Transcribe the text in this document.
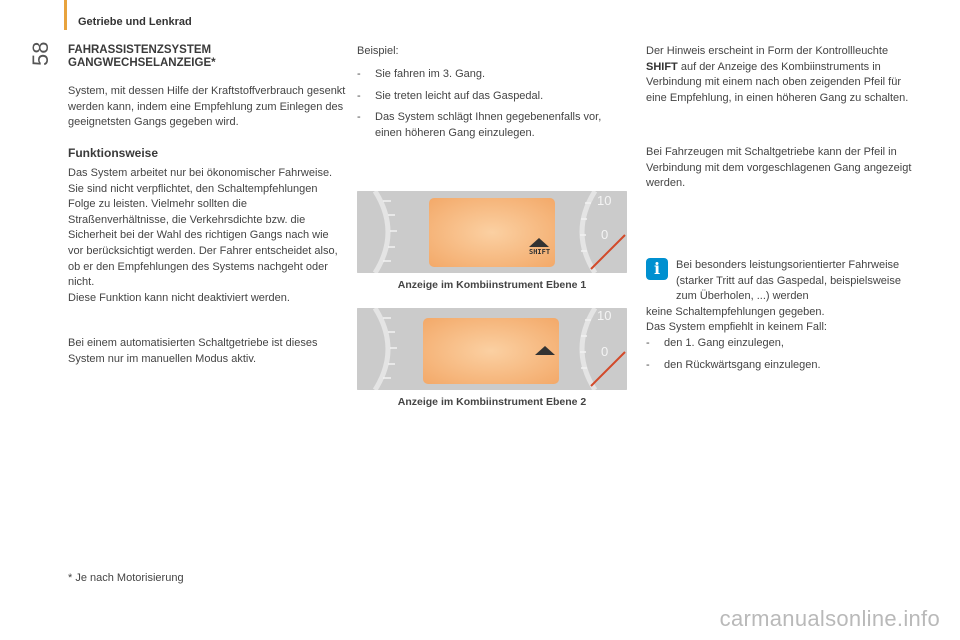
Getriebe und Lenkrad
58 FAHRASSISTENZSYSTEM GANGWECHSELANZEIGE*
System, mit dessen Hilfe der Kraftstoffverbrauch gesenkt werden kann, indem eine Empfehlung zum Einlegen des geeignetsten Gangs gegeben wird.
Funktionsweise
Das System arbeitet nur bei ökonomischer Fahrweise.
Sie sind nicht verpflichtet, den Schaltempfehlungen Folge zu leisten. Vielmehr sollten die Straßenverhältnisse, die Verkehrsdichte bzw. die Sicherheit bei der Wahl des richtigen Gangs nach wie vor berücksichtigt werden. Der Fahrer entscheidet also, ob er den Empfehlungen des Systems nachgeht oder nicht.
Diese Funktion kann nicht deaktiviert werden.
Bei einem automatisierten Schaltgetriebe ist dieses System nur im manuellen Modus aktiv.
* Je nach Motorisierung
Beispiel:
- Sie fahren im 3. Gang.
- Sie treten leicht auf das Gaspedal.
- Das System schlägt Ihnen gegebenenfalls vor, einen höheren Gang einzulegen.
SHIFT
10
0
Anzeige im Kombiinstrument Ebene 1
10
0
Anzeige im Kombiinstrument Ebene 2
Der Hinweis erscheint in Form der Kontrollleuchte SHIFT auf der Anzeige des Kombiinstruments in Verbindung mit einem nach oben zeigenden Pfeil für eine Empfehlung, in einen höheren Gang zu schalten.
Bei Fahrzeugen mit Schaltgetriebe kann der Pfeil in Verbindung mit dem vorgeschlagenen Gang angezeigt werden.
i	Bei besonders leistungsorientierter Fahrweise (starker Tritt auf das Gaspedal, beispielsweise zum Überholen, ...) werden
keine Schaltempfehlungen gegeben.
Das System empfiehlt in keinem Fall:
- den 1. Gang einzulegen,
- den Rückwärtsgang einzulegen.
carmanualsonline.info
